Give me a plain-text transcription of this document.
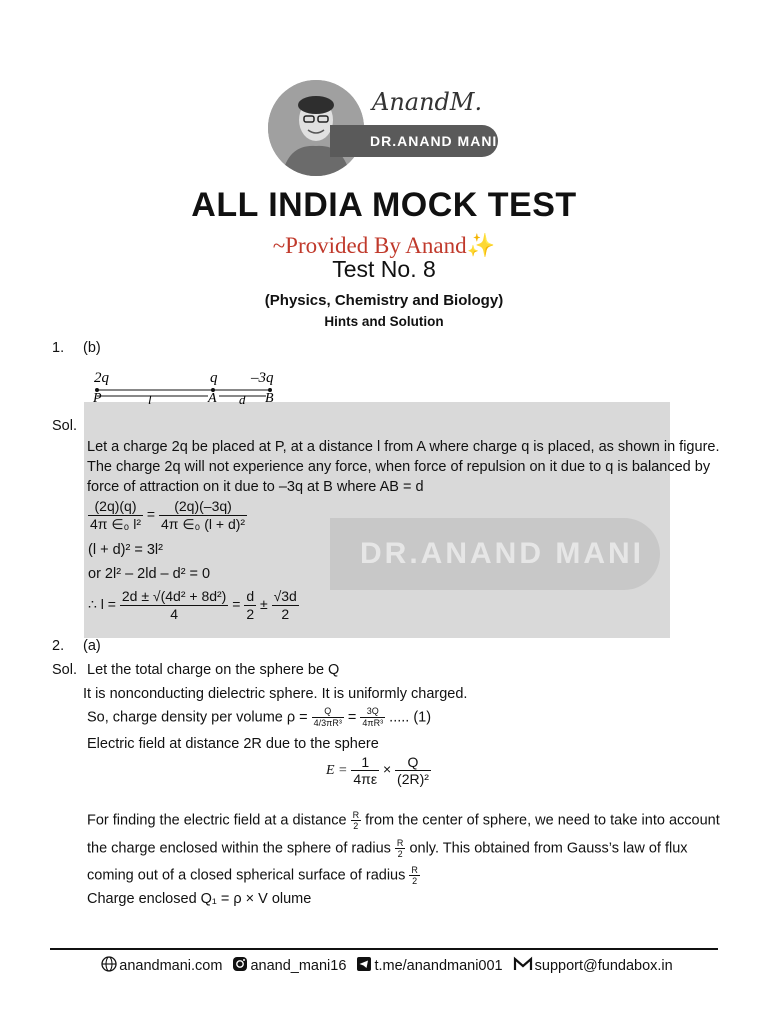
DR.ANAND MANI
AnandM.
ALL INDIA MOCK TEST
~Provided By Anand✨
Test No. 8
(Physics, Chemistry and Biology)
Hints and Solution
DR.ANAND MANI
1. (b)
2q	q –3q
P	A	B
l	d
Sol.
Let a charge 2q be placed at P, at a distance l from A where charge q is placed, as shown in figure.
The charge 2q will not experience any force, when force of repulsion on it due to q is balanced by
force of attraction on it due to –3q at B where AB = d
$\frac{(2q)(q)}{\text{4π ∈₀ l²}} = \frac{(2q)(-3q)}{\text{4π ∈₀ (l + d)²}}$
(l + d)² = 3l²
or 2l² – 2ld – d² = 0
∴ $l = \frac{\text{2d ± √(4d² + 8d²)}}{4} = \frac{d}{2} \pm \frac{√3d}{2}$
2. (a)
Sol. Let the total charge on the sphere be Q
It is nonconducting dielectric sphere. It is uniformly charged.
So, charge density per volume $\rho = \frac{Q}{\text{4/3πR³}} = \frac{3Q}{\text{4πR³}}$ ..... (1)
Electric field at distance 2R due to the sphere
$E = \frac{1}{4\pi\varepsilon} \times \frac{Q}{\text{(2R)²}}$
For finding the electric field at a distance $\frac{R}{2}$ from the center of sphere, we need to take into account
the charge enclosed within the sphere of radius $\frac{R}{2}$ only. This obtained from Gauss’s law of flux
coming out of a closed spherical surface of radius $\frac{R}{2}$
Charge enclosed Q₁ = ρ × V olume
anandmani.com anand_mani16 t.me/anandmani001 support@fundabox.in
